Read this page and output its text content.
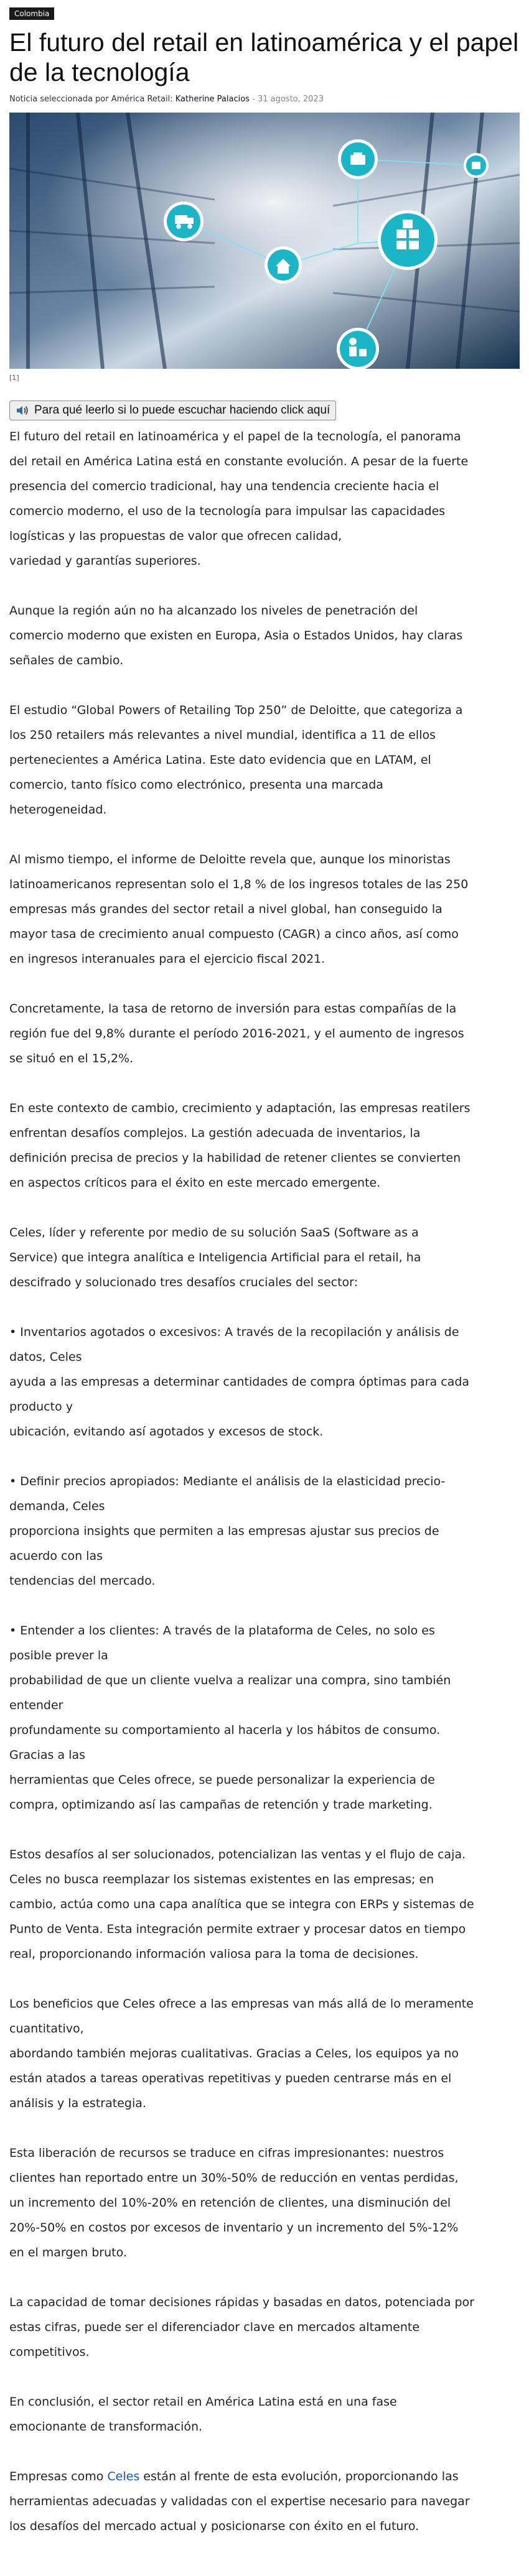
Colombia
El futuro del retail en latinoamérica y el papel de la tecnología
Noticia seleccionada por América Retail: Katherine Palacios - 31 agosto, 2023
[1]
Para qué leerlo si lo puede escuchar haciendo click aquí

El futuro del retail en latinoamérica y el papel de la tecnología, el panorama
del retail en América Latina está en constante evolución. A pesar de la fuerte
presencia del comercio tradicional, hay una tendencia creciente hacia el
comercio moderno, el uso de la tecnología para impulsar las capacidades
logísticas y las propuestas de valor que ofrecen calidad,
variedad y garantías superiores.

Aunque la región aún no ha alcanzado los niveles de penetración del
comercio moderno que existen en Europa, Asia o Estados Unidos, hay claras
señales de cambio.

El estudio “Global Powers of Retailing Top 250” de Deloitte, que categoriza a
los 250 retailers más relevantes a nivel mundial, identifica a 11 de ellos
pertenecientes a América Latina. Este dato evidencia que en LATAM, el
comercio, tanto físico como electrónico, presenta una marcada
heterogeneidad.

Al mismo tiempo, el informe de Deloitte revela que, aunque los minoristas
latinoamericanos representan solo el 1,8 % de los ingresos totales de las 250
empresas más grandes del sector retail a nivel global, han conseguido la
mayor tasa de crecimiento anual compuesto (CAGR) a cinco años, así como
en ingresos interanuales para el ejercicio fiscal 2021.

Concretamente, la tasa de retorno de inversión para estas compañías de la
región fue del 9,8% durante el período 2016-2021, y el aumento de ingresos
se situó en el 15,2%.

En este contexto de cambio, crecimiento y adaptación, las empresas reatilers
enfrentan desafíos complejos. La gestión adecuada de inventarios, la
definición precisa de precios y la habilidad de retener clientes se convierten
en aspectos críticos para el éxito en este mercado emergente.

Celes, líder y referente por medio de su solución SaaS (Software as a
Service) que integra analítica e Inteligencia Artificial para el retail, ha
descifrado y solucionado tres desafíos cruciales del sector:

• Inventarios agotados o excesivos: A través de la recopilación y análisis de
datos, Celes
ayuda a las empresas a determinar cantidades de compra óptimas para cada
producto y
ubicación, evitando así agotados y excesos de stock.

• Definir precios apropiados: Mediante el análisis de la elasticidad precio-
demanda, Celes
proporciona insights que permiten a las empresas ajustar sus precios de
acuerdo con las
tendencias del mercado.

• Entender a los clientes: A través de la plataforma de Celes, no solo es
posible prever la
probabilidad de que un cliente vuelva a realizar una compra, sino también
entender
profundamente su comportamiento al hacerla y los hábitos de consumo.
Gracias a las
herramientas que Celes ofrece, se puede personalizar la experiencia de
compra, optimizando así las campañas de retención y trade marketing.

Estos desafíos al ser solucionados, potencializan las ventas y el flujo de caja.
Celes no busca reemplazar los sistemas existentes en las empresas; en
cambio, actúa como una capa analítica que se integra con ERPs y sistemas de
Punto de Venta. Esta integración permite extraer y procesar datos en tiempo
real, proporcionando información valiosa para la toma de decisiones.

Los beneficios que Celes ofrece a las empresas van más allá de lo meramente
cuantitativo,
abordando también mejoras cualitativas. Gracias a Celes, los equipos ya no
están atados a tareas operativas repetitivas y pueden centrarse más en el
análisis y la estrategia.

Esta liberación de recursos se traduce en cifras impresionantes: nuestros
clientes han reportado entre un 30%-50% de reducción en ventas perdidas,
un incremento del 10%-20% en retención de clientes, una disminución del
20%-50% en costos por excesos de inventario y un incremento del 5%-12%
en el margen bruto.

La capacidad de tomar decisiones rápidas y basadas en datos, potenciada por
estas cifras, puede ser el diferenciador clave en mercados altamente
competitivos.

En conclusión, el sector retail en América Latina está en una fase
emocionante de transformación.

Empresas como Celes están al frente de esta evolución, proporcionando las
herramientas adecuadas y validadas con el expertise necesario para navegar
los desafíos del mercado actual y posicionarse con éxito en el futuro.
